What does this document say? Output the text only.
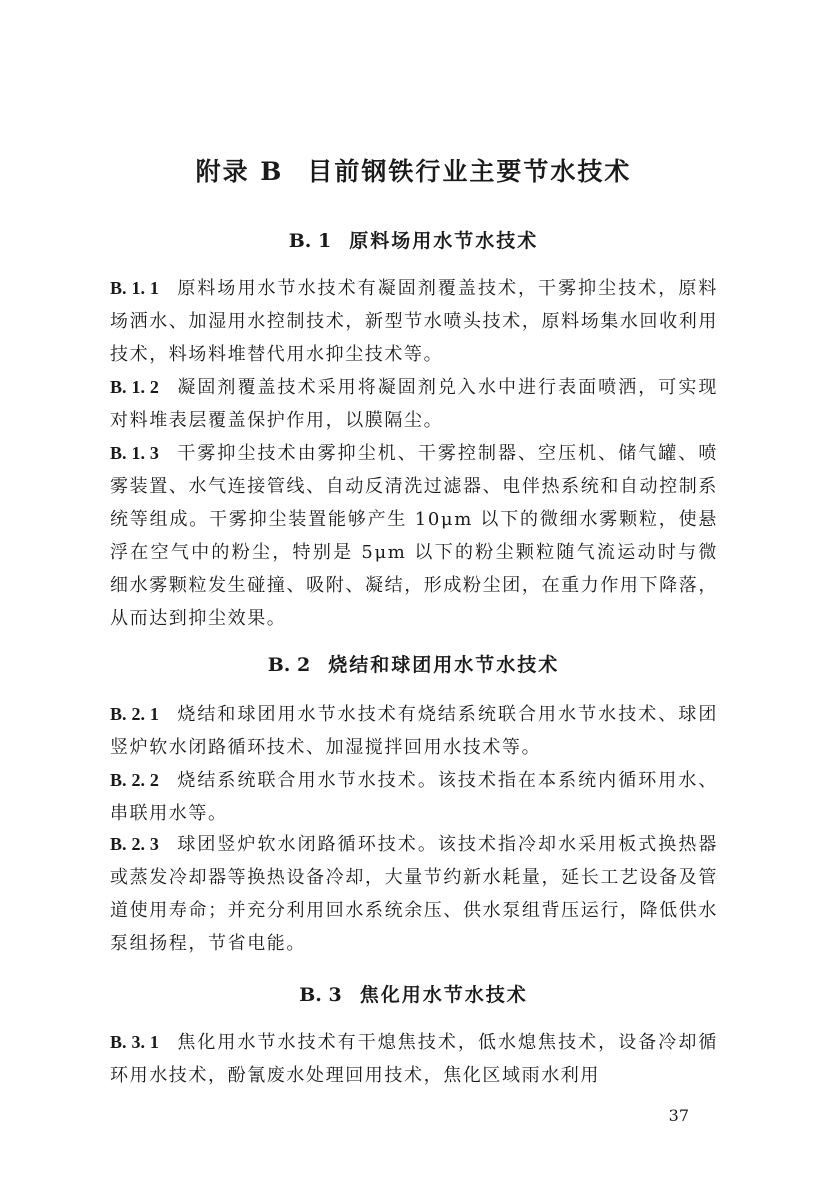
附录 B 目前钢铁行业主要节水技术
B. 1 原料场用水节水技术
B. 1. 1 原料场用水节水技术有凝固剂覆盖技术，干雾抑尘技术，原料场洒水、加湿用水控制技术，新型节水喷头技术，原料场集水回收利用技术，料场料堆替代用水抑尘技术等。
B. 1. 2 凝固剂覆盖技术采用将凝固剂兑入水中进行表面喷洒，可实现对料堆表层覆盖保护作用，以膜隔尘。
B. 1. 3 干雾抑尘技术由雾抑尘机、干雾控制器、空压机、储气罐、喷雾装置、水气连接管线、自动反清洗过滤器、电伴热系统和自动控制系统等组成。干雾抑尘装置能够产生 10μm 以下的微细水雾颗粒，使悬浮在空气中的粉尘，特别是 5μm 以下的粉尘颗粒随气流运动时与微细水雾颗粒发生碰撞、吸附、凝结，形成粉尘团，在重力作用下降落，从而达到抑尘效果。
B. 2 烧结和球团用水节水技术
B. 2. 1 烧结和球团用水节水技术有烧结系统联合用水节水技术、球团竖炉软水闭路循环技术、加湿搅拌回用水技术等。
B. 2. 2 烧结系统联合用水节水技术。该技术指在本系统内循环用水、串联用水等。
B. 2. 3 球团竖炉软水闭路循环技术。该技术指冷却水采用板式换热器或蒸发冷却器等换热设备冷却，大量节约新水耗量，延长工艺设备及管道使用寿命；并充分利用回水系统余压、供水泵组背压运行，降低供水泵组扬程，节省电能。
B. 3 焦化用水节水技术
B. 3. 1 焦化用水节水技术有干熄焦技术，低水熄焦技术，设备冷却循环用水技术，酚氰废水处理回用技术，焦化区域雨水利用
37
